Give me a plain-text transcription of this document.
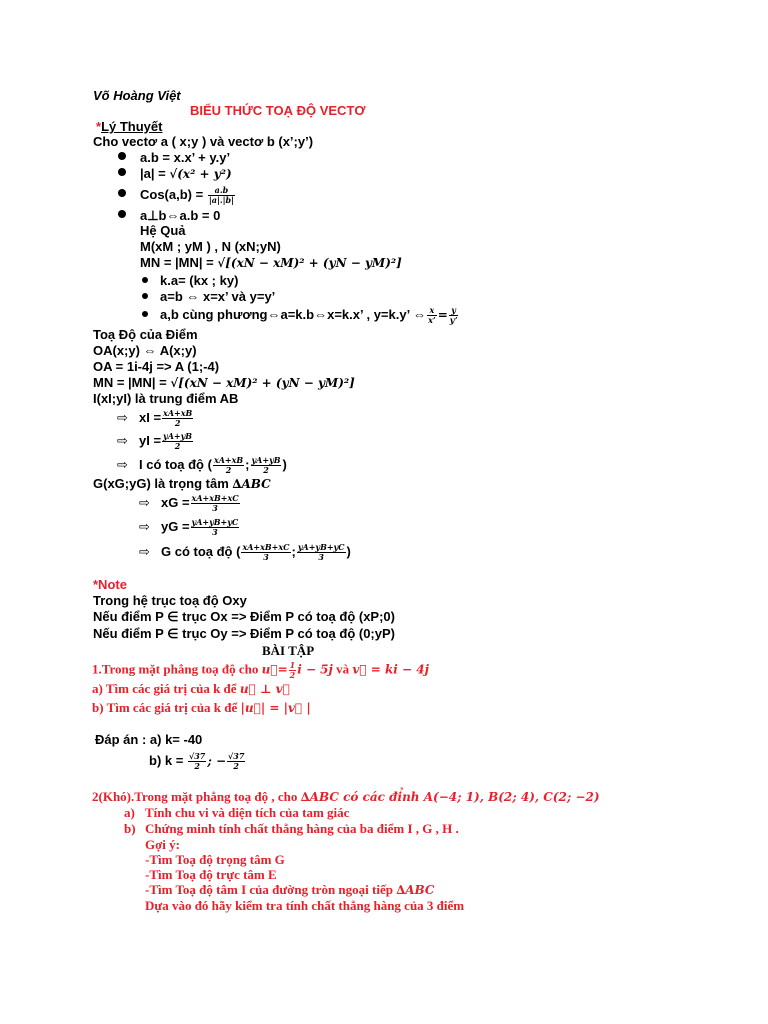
Võ Hoàng Việt
BIỂU THỨC TOẠ ĐỘ VECTƠ
*Lý Thuyết
Cho vectơ a ( x;y ) và vectơ b (x’;y’)
a.b = x.x’ + y.y’
|a| = √(x² + y²)
$Cos(a,b) = \frac{a.b}{|a|.|b|}$
a⊥b⇔a.b = 0
Hệ Quả
M(xM ; yM ) , N (xN;yN)
MN = |MN| = √[(xN − xM)² + (yN − yM)²]
k.a= (kx ; ky)
a=b ⇔ x=x’ và y=y’
a,b cùng phương⇔a=k.b⇔x=k.x’ , y=k.y’ ⇔ $\frac{x}{x’} = \frac{y}{y’}$
Toạ Độ của Điểm
OA(x;y) ⇔ A(x;y)
OA = 1i-4j => A (1;-4)
MN = |MN| = √[(xN − xM)² + (yN − yM)²]
I(xI;yI) là trung điểm AB
⇨ xI = $\frac{xA+xB}{2}$
⇨ yI = $\frac{yA+yB}{2}$
⇨ I có toạ độ ( $\frac{xA+xB}{2}$ ; $\frac{yA+yB}{2}$ )
G(xG;yG) là trọng tâm ∆ABC
⇨ xG = $\frac{xA+xB+xC}{3}$
⇨ yG = $\frac{yA+yB+yC}{3}$
⇨ G có toạ độ ( $\frac{xA+xB+xC}{3}$ ; $\frac{yA+yB+yC}{3}$ )
*Note
Trong hệ trục toạ độ Oxy
Nếu điểm P ∈ trục Ox => Điểm P có toạ độ (xP;0)
Nếu điểm P ∈ trục Oy => Điểm P có toạ độ (0;yP)
BÀI TẬP
1.Trong mặt phẳng toạ độ cho u⃗= $\frac{1}{2}$ i − 5j và v⃗ = ki − 4j
a) Tìm các giá trị của k để u⃗ ⊥ v⃗
b) Tìm các giá trị của k để |u⃗| = |v⃗ |
Đáp án : a) k= -40
b) $k = \frac{√37}{2}$ ; − $\frac{√37}{2}$
2(Khó).Trong mặt phẳng toạ độ , cho ∆ABC có các đỉnh A(−4; 1), B(2; 4), C(2; −2)
a) Tính chu vi và diện tích của tam giác
b) Chứng minh tính chất thẳng hàng của ba điểm I , G , H .
Gợi ý:
-Tìm Toạ độ trọng tâm G
-Tìm Toạ độ trực tâm E
-Tìm Toạ độ tâm I của đường tròn ngoại tiếp ∆ABC
Dựa vào đó hãy kiểm tra tính chất thẳng hàng của 3 điểm
